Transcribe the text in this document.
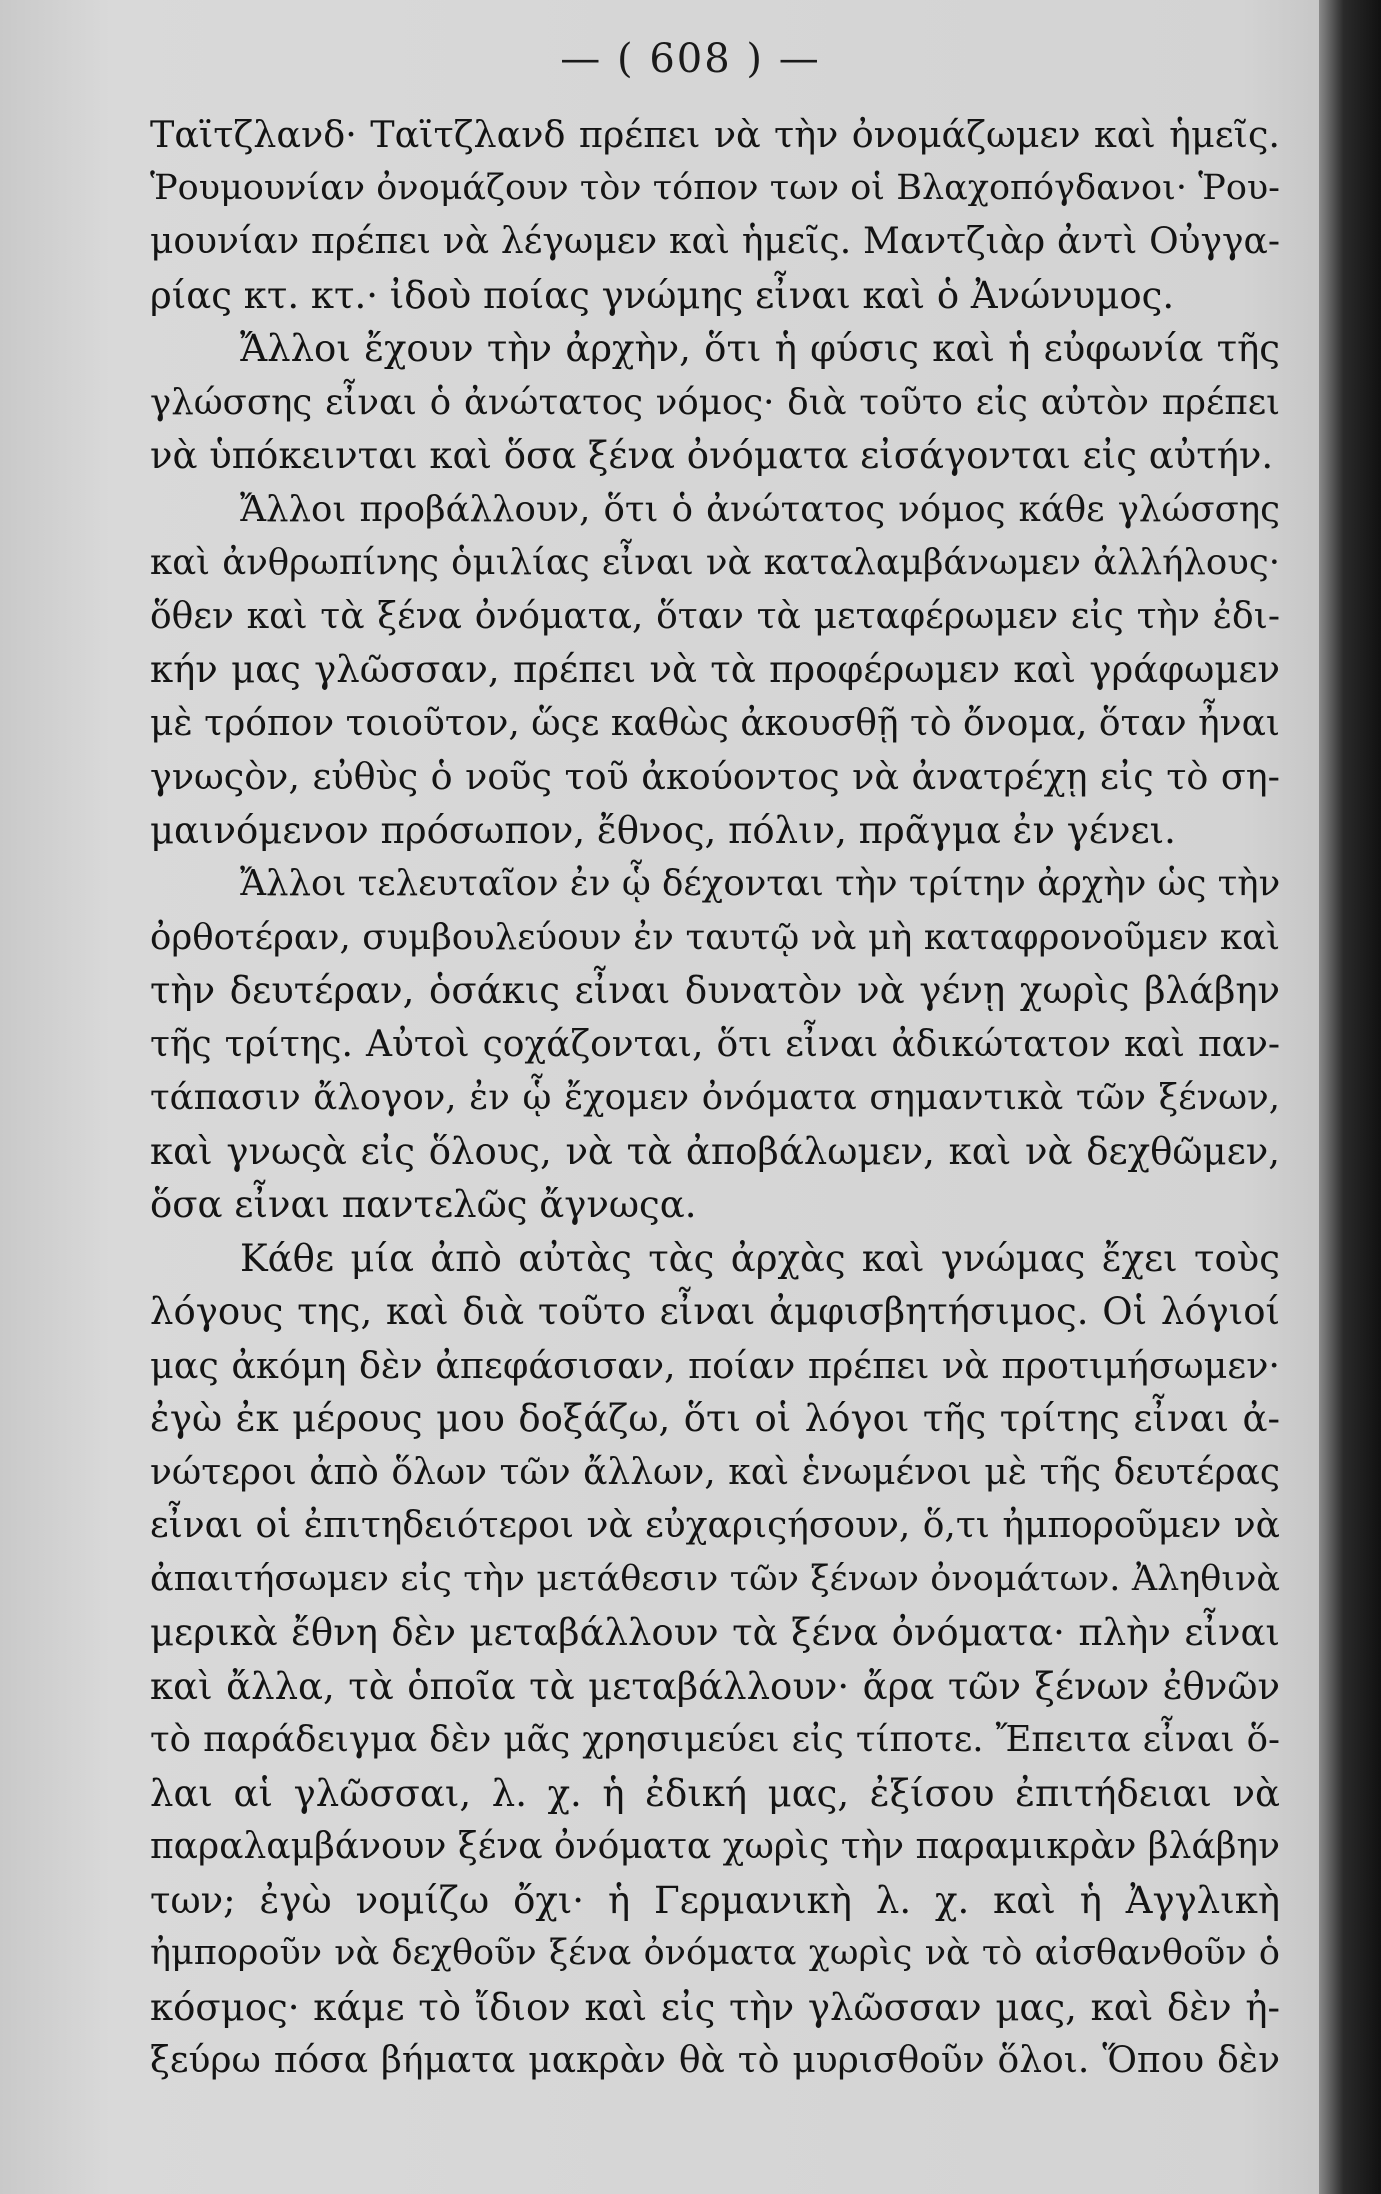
— ( 608 ) —
Ταϊτζλανδ· Ταϊτζλανδ πρέπει νὰ τὴν ὀνομάζωμεν καὶ ἡμεῖς.
Ῥουμουνίαν ὀνομάζουν τὸν τόπον των οἱ Βλαχοπόγδανοι· Ῥου-
μουνίαν πρέπει νὰ λέγωμεν καὶ ἡμεῖς. Μαντζιὰρ ἀντὶ Οὐγγα-
ρίας κτ. κτ.· ἰδοὺ ποίας γνώμης εἶναι καὶ ὁ Ἀνώνυμος.
Ἄλλοι ἔχουν τὴν ἀρχὴν, ὅτι ἡ φύσις καὶ ἡ εὐφωνία τῆς
γλώσσης εἶναι ὁ ἀνώτατος νόμος· διὰ τοῦτο εἰς αὐτὸν πρέπει
νὰ ὑπόκεινται καὶ ὅσα ξένα ὀνόματα εἰσάγονται εἰς αὐτήν.
Ἄλλοι προβάλλουν, ὅτι ὁ ἀνώτατος νόμος κάθε γλώσσης
καὶ ἀνθρωπίνης ὁμιλίας εἶναι νὰ καταλαμβάνωμεν ἀλλήλους·
ὅθεν καὶ τὰ ξένα ὀνόματα, ὅταν τὰ μεταφέρωμεν εἰς τὴν ἐδι-
κήν μας γλῶσσαν, πρέπει νὰ τὰ προφέρωμεν καὶ γράφωμεν
μὲ τρόπον τοιοῦτον, ὥςε καθὼς ἀκουσθῇ τὸ ὄνομα, ὅταν ἦναι
γνωςὸν, εὐθὺς ὁ νοῦς τοῦ ἀκούοντος νὰ ἀνατρέχῃ εἰς τὸ ση-
μαινόμενον πρόσωπον, ἔθνος, πόλιν, πρᾶγμα ἐν γένει.
Ἄλλοι τελευταῖον ἐν ᾧ δέχονται τὴν τρίτην ἀρχὴν ὡς τὴν
ὀρθοτέραν, συμβουλεύουν ἐν ταυτῷ νὰ μὴ καταφρονοῦμεν καὶ
τὴν δευτέραν, ὁσάκις εἶναι δυνατὸν νὰ γένῃ χωρὶς βλάβην
τῆς τρίτης. Αὐτοὶ ςοχάζονται, ὅτι εἶναι ἀδικώτατον καὶ παν-
τάπασιν ἄλογον, ἐν ᾧ ἔχομεν ὀνόματα σημαντικὰ τῶν ξένων,
καὶ γνωςὰ εἰς ὅλους, νὰ τὰ ἀποβάλωμεν, καὶ νὰ δεχθῶμεν,
ὅσα εἶναι παντελῶς ἄγνωςα.
Κάθε μία ἀπὸ αὐτὰς τὰς ἀρχὰς καὶ γνώμας ἔχει τοὺς
λόγους της, καὶ διὰ τοῦτο εἶναι ἀμφισβητήσιμος. Οἱ λόγιοί
μας ἀκόμη δὲν ἀπεφάσισαν, ποίαν πρέπει νὰ προτιμήσωμεν·
ἐγὼ ἐκ μέρους μου δοξάζω, ὅτι οἱ λόγοι τῆς τρίτης εἶναι ἀ-
νώτεροι ἀπὸ ὅλων τῶν ἄλλων, καὶ ἑνωμένοι μὲ τῆς δευτέρας
εἶναι οἱ ἐπιτηδειότεροι νὰ εὐχαριςήσουν, ὅ,τι ἠμποροῦμεν νὰ
ἀπαιτήσωμεν εἰς τὴν μετάθεσιν τῶν ξένων ὀνομάτων. Ἀληθινὰ
μερικὰ ἔθνη δὲν μεταβάλλουν τὰ ξένα ὀνόματα· πλὴν εἶναι
καὶ ἄλλα, τὰ ὁποῖα τὰ μεταβάλλουν· ἄρα τῶν ξένων ἐθνῶν
τὸ παράδειγμα δὲν μᾶς χρησιμεύει εἰς τίποτε. Ἔπειτα εἶναι ὅ-
λαι αἱ γλῶσσαι, λ. χ. ἡ ἐδική μας, ἐξίσου ἐπιτήδειαι νὰ
παραλαμβάνουν ξένα ὀνόματα χωρὶς τὴν παραμικρὰν βλάβην
των; ἐγὼ νομίζω ὄχι· ἡ Γερμανικὴ λ. χ. καὶ ἡ Ἀγγλικὴ
ἠμποροῦν νὰ δεχθοῦν ξένα ὀνόματα χωρὶς νὰ τὸ αἰσθανθοῦν ὁ
κόσμος· κάμε τὸ ἴδιον καὶ εἰς τὴν γλῶσσαν μας, καὶ δὲν ἠ-
ξεύρω πόσα βήματα μακρὰν θὰ τὸ μυρισθοῦν ὅλοι. Ὅπου δὲν
